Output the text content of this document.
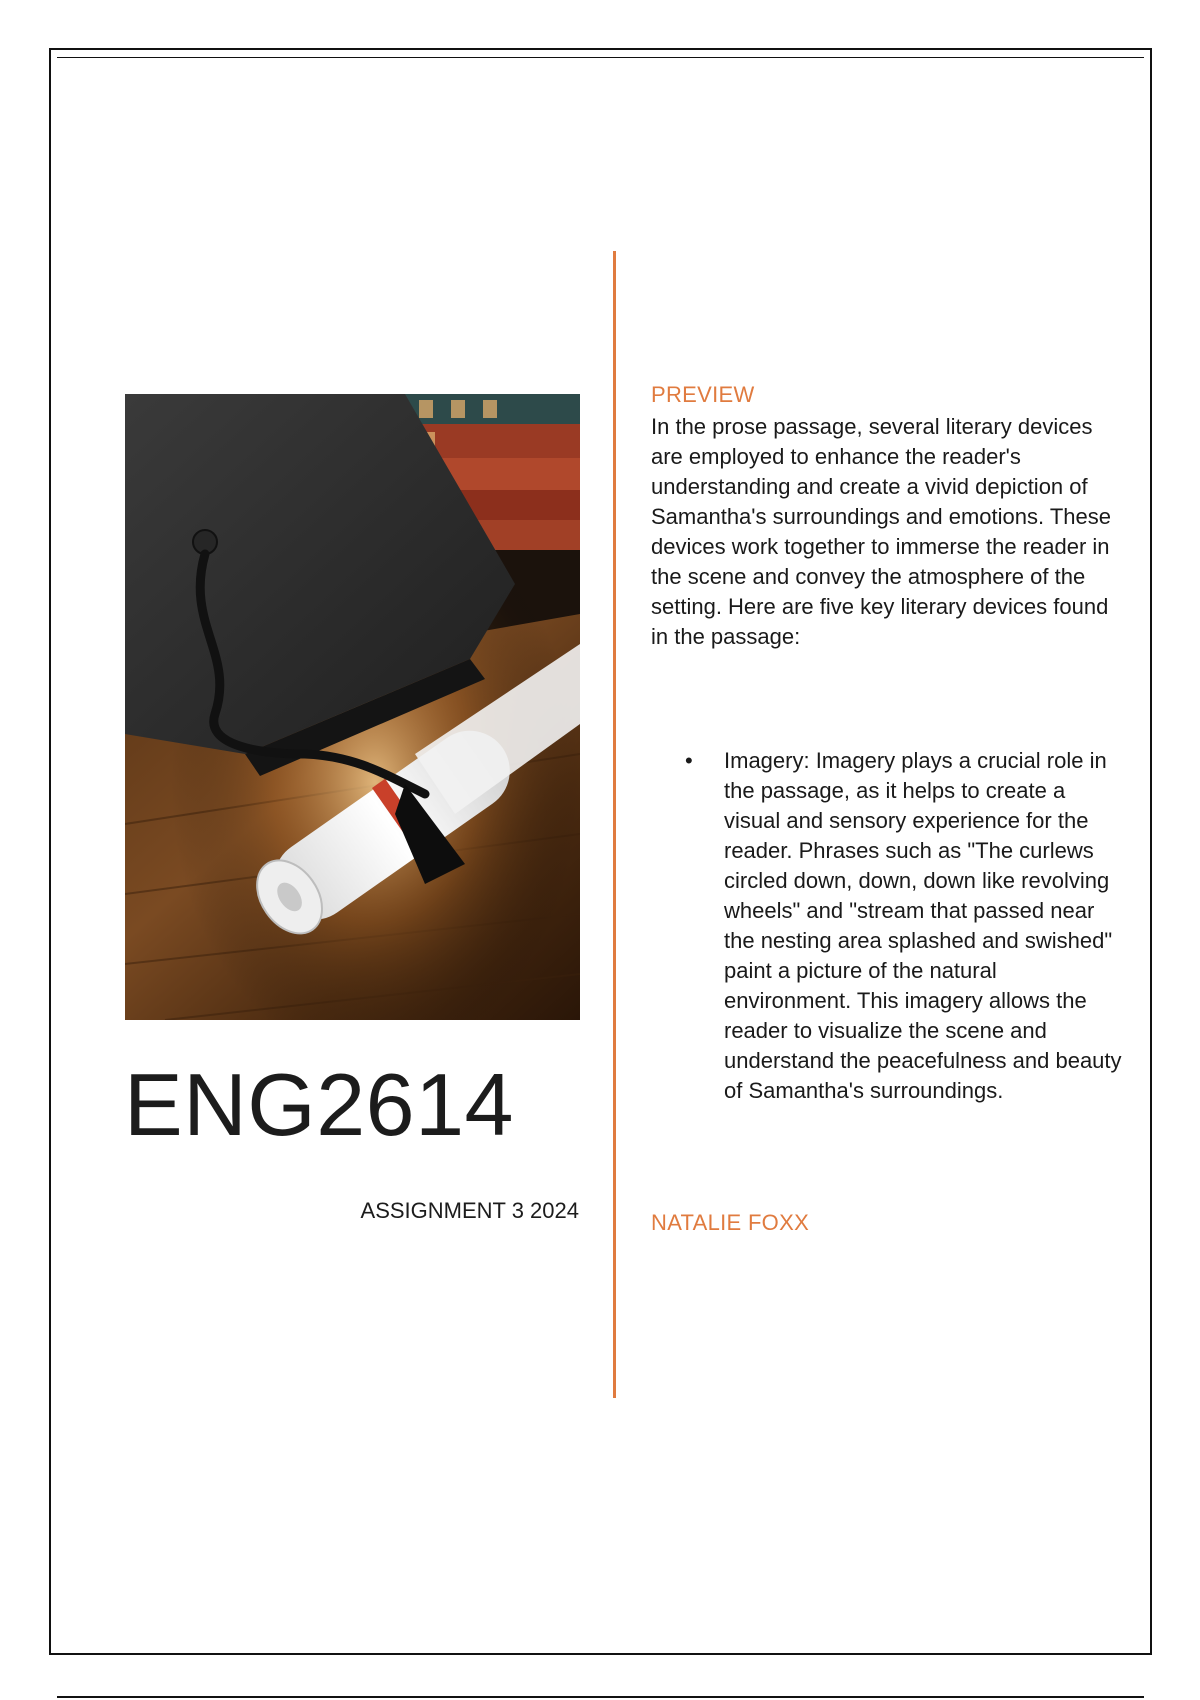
ENG2614
ASSIGNMENT 3 2024
PREVIEW

In the prose passage, several literary devices are employed to enhance the reader's understanding and create a vivid depiction of Samantha's surroundings and emotions. These devices work together to immerse the reader in the scene and convey the atmosphere of the setting. Here are five key literary devices found in the passage:

• Imagery: Imagery plays a crucial role in the passage, as it helps to create a visual and sensory experience for the reader. Phrases such as "The curlews circled down, down, down like revolving wheels" and "stream that passed near the nesting area splashed and swished" paint a picture of the natural environment. This imagery allows the reader to visualize the scene and understand the peacefulness and beauty of Samantha's surroundings.
NATALIE FOXX
